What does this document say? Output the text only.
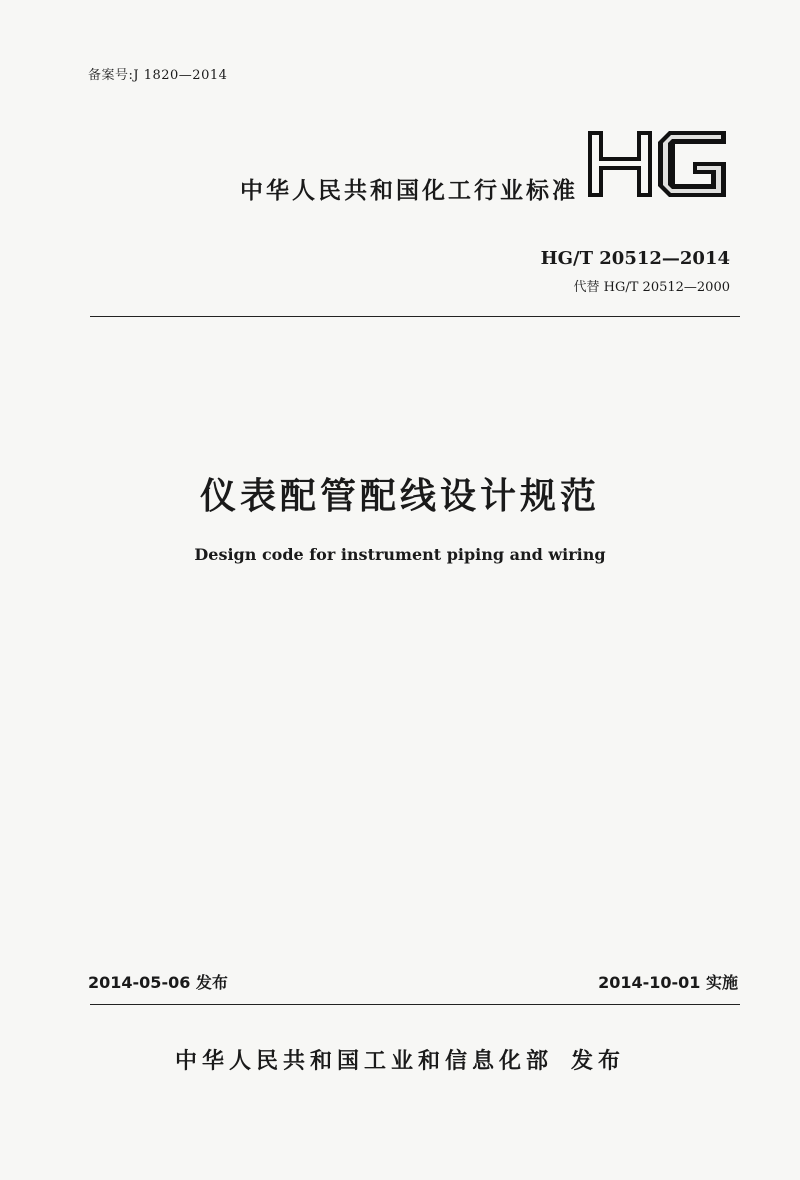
备案号:J 1820—2014
中华人民共和国化工行业标准
HG/T 20512—2014
代替 HG/T 20512—2000
仪表配管配线设计规范
Design code for instrument piping and wiring
2014-05-06 发布	2014-10-01 实施
中华人民共和国工业和信息化部 发布
